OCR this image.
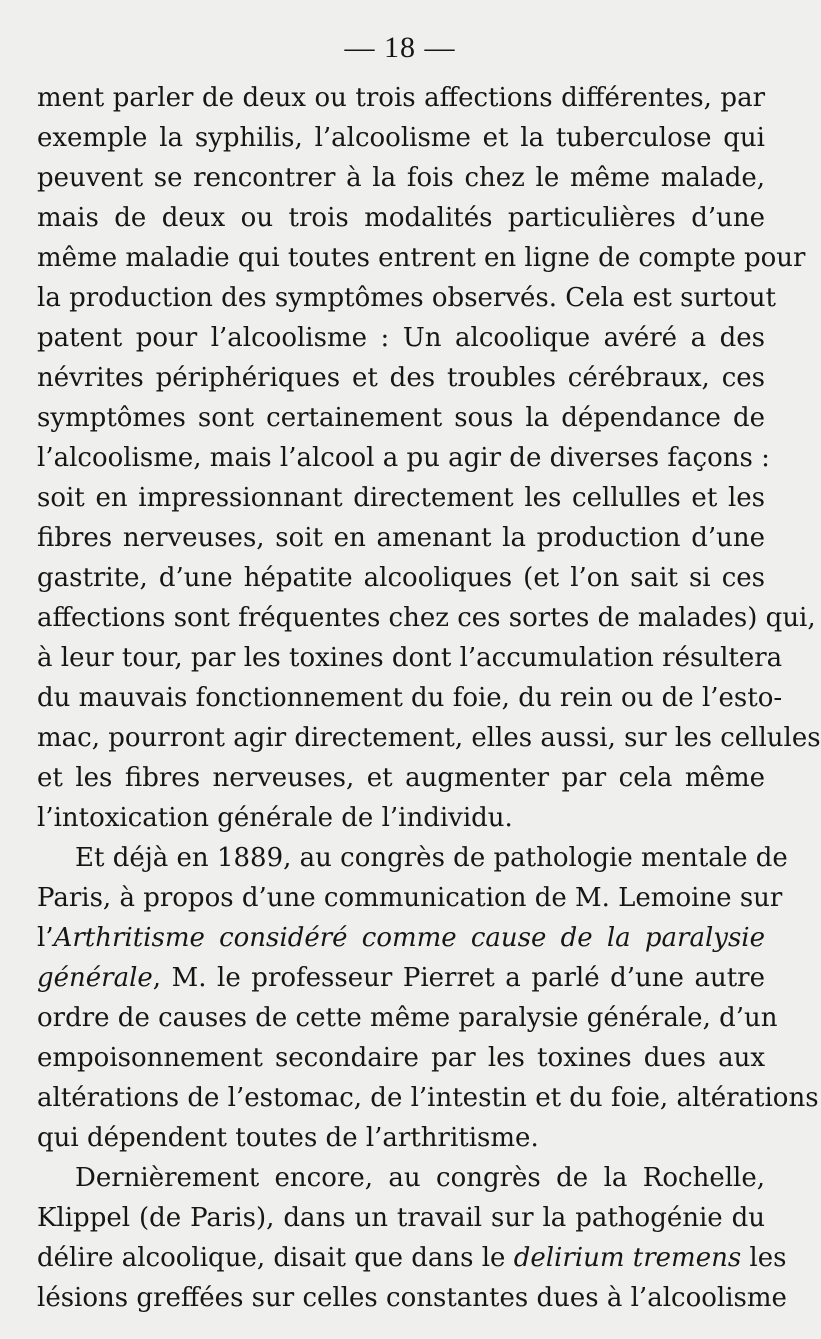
— 18 —
ment parler de deux ou trois affections différentes, par
exemple la syphilis, l’alcoolisme et la tuberculose qui
peuvent se rencontrer à la fois chez le même malade,
mais de deux ou trois modalités particulières d’une
même maladie qui toutes entrent en ligne de compte pour
la production des symptômes observés. Cela est surtout
patent pour l’alcoolisme : Un alcoolique avéré a des
névrites périphériques et des troubles cérébraux, ces
symptômes sont certainement sous la dépendance de
l’alcoolisme, mais l’alcool a pu agir de diverses façons :
soit en impressionnant directement les cellulles et les
fibres nerveuses, soit en amenant la production d’une
gastrite, d’une hépatite alcooliques (et l’on sait si ces
affections sont fréquentes chez ces sortes de malades) qui,
à leur tour, par les toxines dont l’accumulation résultera
du mauvais fonctionnement du foie, du rein ou de l’esto-
mac, pourront agir directement, elles aussi, sur les cellules
et les fibres nerveuses, et augmenter par cela même
l’intoxication générale de l’individu.
Et déjà en 1889, au congrès de pathologie mentale de
Paris, à propos d’une communication de M. Lemoine sur
l’Arthritisme considéré comme cause de la paralysie
générale, M. le professeur Pierret a parlé d’une autre
ordre de causes de cette même paralysie générale, d’un
empoisonnement secondaire par les toxines dues aux
altérations de l’estomac, de l’intestin et du foie, altérations
qui dépendent toutes de l’arthritisme.
Dernièrement encore, au congrès de la Rochelle,
Klippel (de Paris), dans un travail sur la pathogénie du
délire alcoolique, disait que dans le delirium tremens les
lésions greffées sur celles constantes dues à l’alcoolisme
